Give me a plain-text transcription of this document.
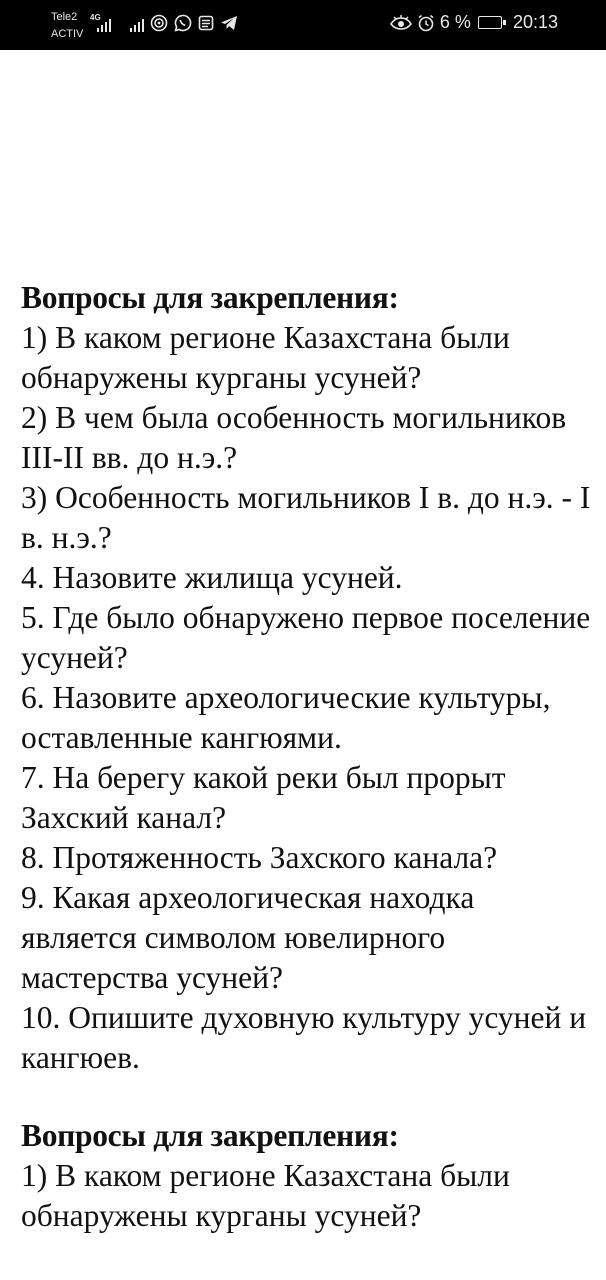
Tele2
ACTIV
4G	6 % 20:13
Вопросы для закрепления:
1) В каком регионе Казахстана были обнаружены курганы усуней?
2) В чем была особенность могильников III-II вв. до н.э.?
3) Особенность могильников I в. до н.э. - I в. н.э.?
4. Назовите жилища усуней.
5. Где было обнаружено первое поселение усуней?
6. Назовите археологические культуры, оставленные кангюями.
7. На берегу какой реки был прорыт Захский канал?
8. Протяженность Захского канала?
9. Какая археологическая находка является символом ювелирного мастерства усуней?
10. Опишите духовную культуру усуней и кангюев.
Вопросы для закрепления:
1) В каком регионе Казахстана были обнаружены курганы усуней?
